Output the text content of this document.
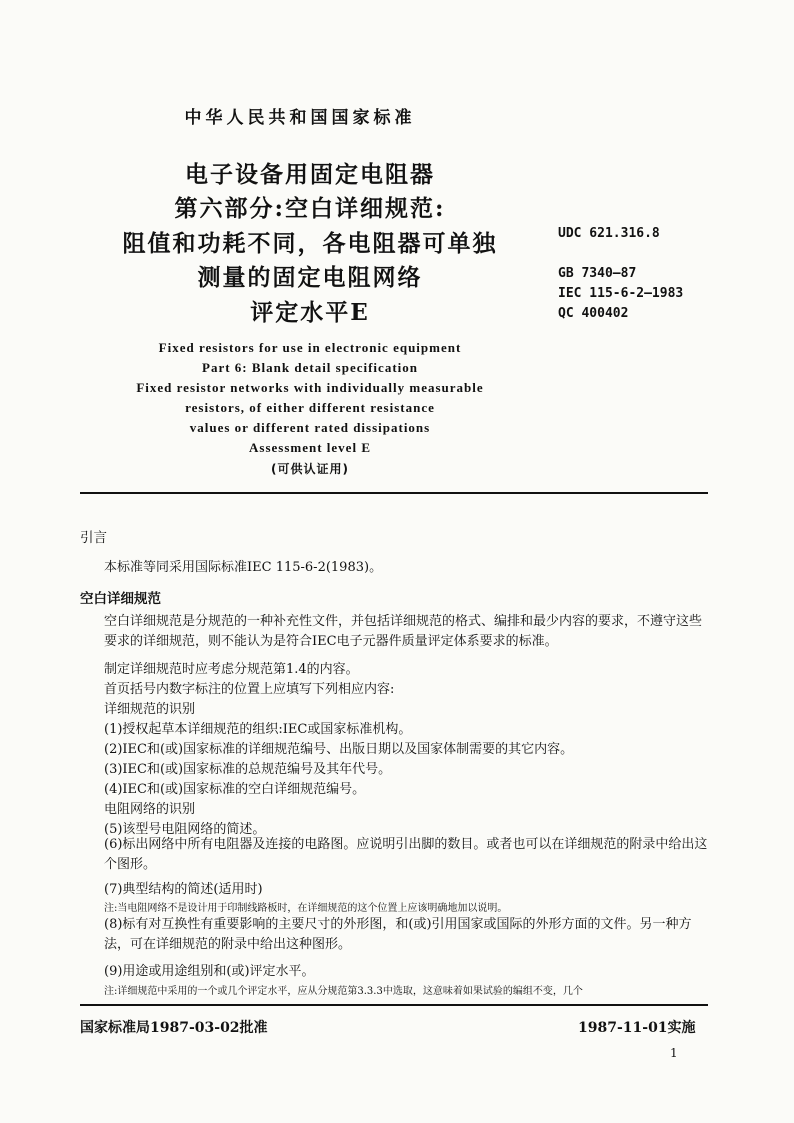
中华人民共和国国家标准
电子设备用固定电阻器
第六部分:空白详细规范:
阻值和功耗不同，各电阻器可单独
测量的固定电阻网络
评定水平E
UDC 621.316.8
GB 7340—87
IEC 115-6-2—1983
QC 400402
Fixed resistors for use in electronic equipment
Part 6: Blank detail specification
Fixed resistor networks with individually measurable
resistors, of either different resistance
values or different rated dissipations
Assessment level E
(可供认证用)
引言
本标准等同采用国际标准IEC 115-6-2(1983)。
空白详细规范
空白详细规范是分规范的一种补充性文件，并包括详细规范的格式、编排和最少内容的要求，不遵守这些要求的详细规范，则不能认为是符合IEC电子元器件质量评定体系要求的标准。
制定详细规范时应考虑分规范第1.4的内容。
首页括号内数字标注的位置上应填写下列相应内容:
详细规范的识别
(1)授权起草本详细规范的组织:IEC或国家标准机构。
(2)IEC和(或)国家标准的详细规范编号、出版日期以及国家体制需要的其它内容。
(3)IEC和(或)国家标准的总规范编号及其年代号。
(4)IEC和(或)国家标准的空白详细规范编号。
电阻网络的识别
(5)该型号电阻网络的简述。
(6)标出网络中所有电阻器及连接的电路图。应说明引出脚的数目。或者也可以在详细规范的附录中给出这个图形。
(7)典型结构的简述(适用时)
注:当电阻网络不是设计用于印制线路板时，在详细规范的这个位置上应该明确地加以说明。
(8)标有对互换性有重要影响的主要尺寸的外形图，和(或)引用国家或国际的外形方面的文件。另一种方法，可在详细规范的附录中给出这种图形。
(9)用途或用途组别和(或)评定水平。
注:详细规范中采用的一个或几个评定水平，应从分规范第3.3.3中选取，这意味着如果试验的编组不变，几个
国家标准局1987-03-02批准	1987-11-01实施
1
